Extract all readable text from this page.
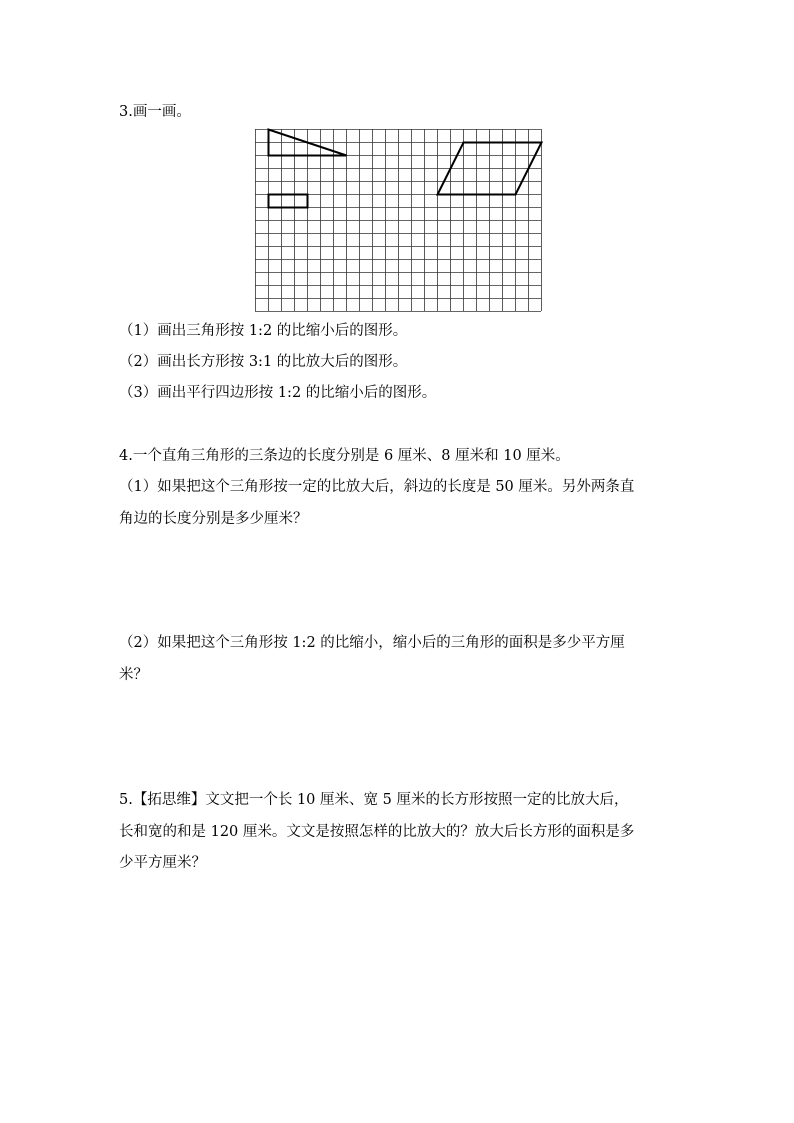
3.画一画。
（1）画出三角形按 1:2 的比缩小后的图形。
（2）画出长方形按 3:1 的比放大后的图形。
（3）画出平行四边形按 1:2 的比缩小后的图形。
4.一个直角三角形的三条边的长度分别是 6 厘米、8 厘米和 10 厘米。
（1）如果把这个三角形按一定的比放大后，斜边的长度是 50 厘米。另外两条直
角边的长度分别是多少厘米？
（2）如果把这个三角形按 1:2 的比缩小，缩小后的三角形的面积是多少平方厘
米？
5.【拓思维】文文把一个长 10 厘米、宽 5 厘米的长方形按照一定的比放大后，
长和宽的和是 120 厘米。文文是按照怎样的比放大的？放大后长方形的面积是多
少平方厘米？
